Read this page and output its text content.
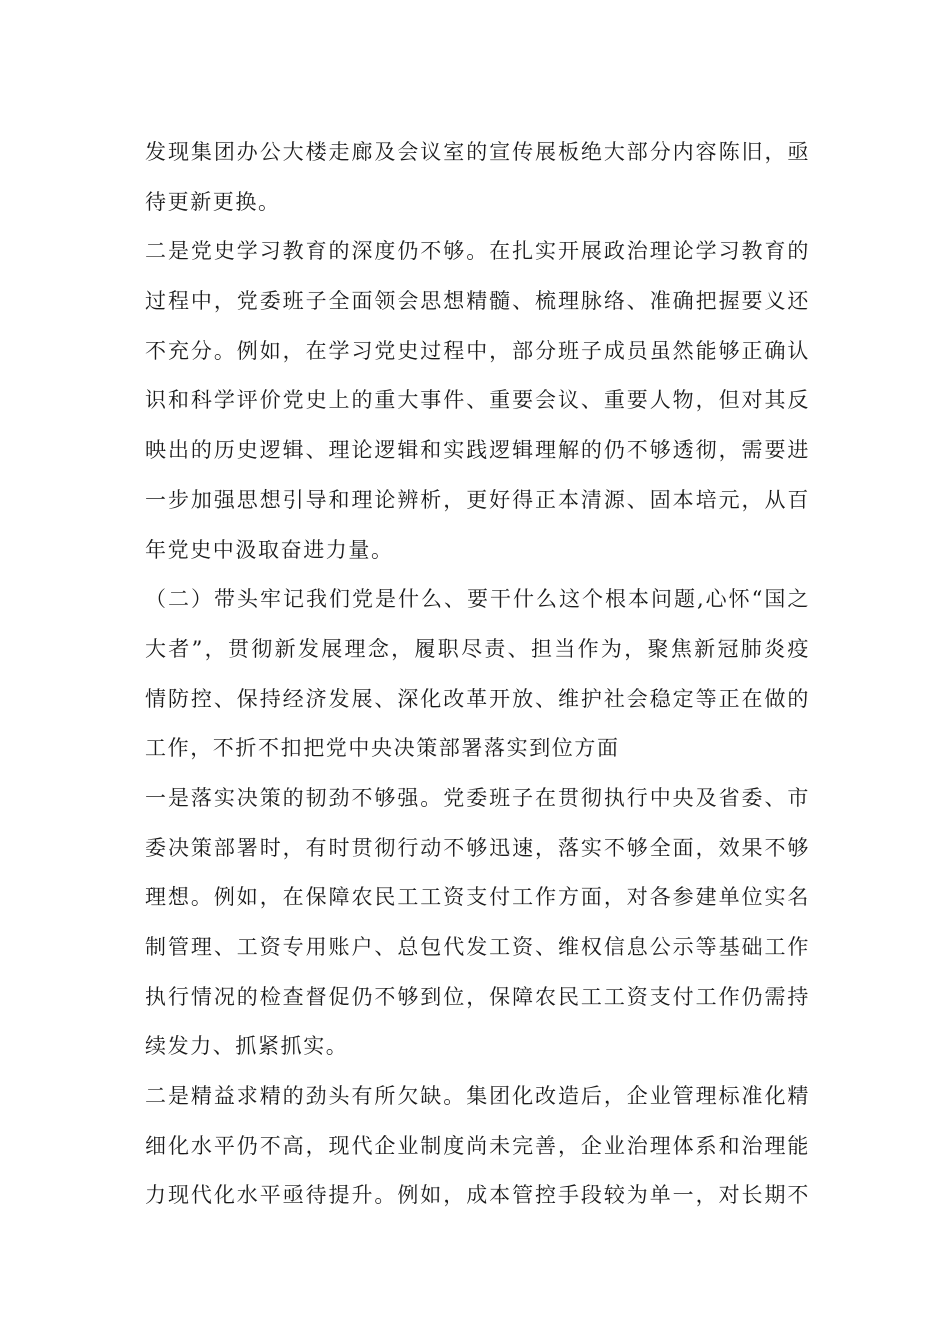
发现集团办公大楼走廊及会议室的宣传展板绝大部分内容陈旧，亟
待更新更换。
二是党史学习教育的深度仍不够。在扎实开展政治理论学习教育的
过程中，党委班子全面领会思想精髓、梳理脉络、准确把握要义还
不充分。例如，在学习党史过程中，部分班子成员虽然能够正确认
识和科学评价党史上的重大事件、重要会议、重要人物，但对其反
映出的历史逻辑、理论逻辑和实践逻辑理解的仍不够透彻，需要进
一步加强思想引导和理论辨析，更好得正本清源、固本培元，从百
年党史中汲取奋进力量。
（二）带头牢记我们党是什么、要干什么这个根本问题,心怀“国之
大者”，贯彻新发展理念，履职尽责、担当作为，聚焦新冠肺炎疫
情防控、保持经济发展、深化改革开放、维护社会稳定等正在做的
工作，不折不扣把党中央决策部署落实到位方面
一是落实决策的韧劲不够强。党委班子在贯彻执行中央及省委、市
委决策部署时，有时贯彻行动不够迅速，落实不够全面，效果不够
理想。例如，在保障农民工工资支付工作方面，对各参建单位实名
制管理、工资专用账户、总包代发工资、维权信息公示等基础工作
执行情况的检查督促仍不够到位，保障农民工工资支付工作仍需持
续发力、抓紧抓实。
二是精益求精的劲头有所欠缺。集团化改造后，企业管理标准化精
细化水平仍不高，现代企业制度尚未完善，企业治理体系和治理能
力现代化水平亟待提升。例如，成本管控手段较为单一，对长期不
